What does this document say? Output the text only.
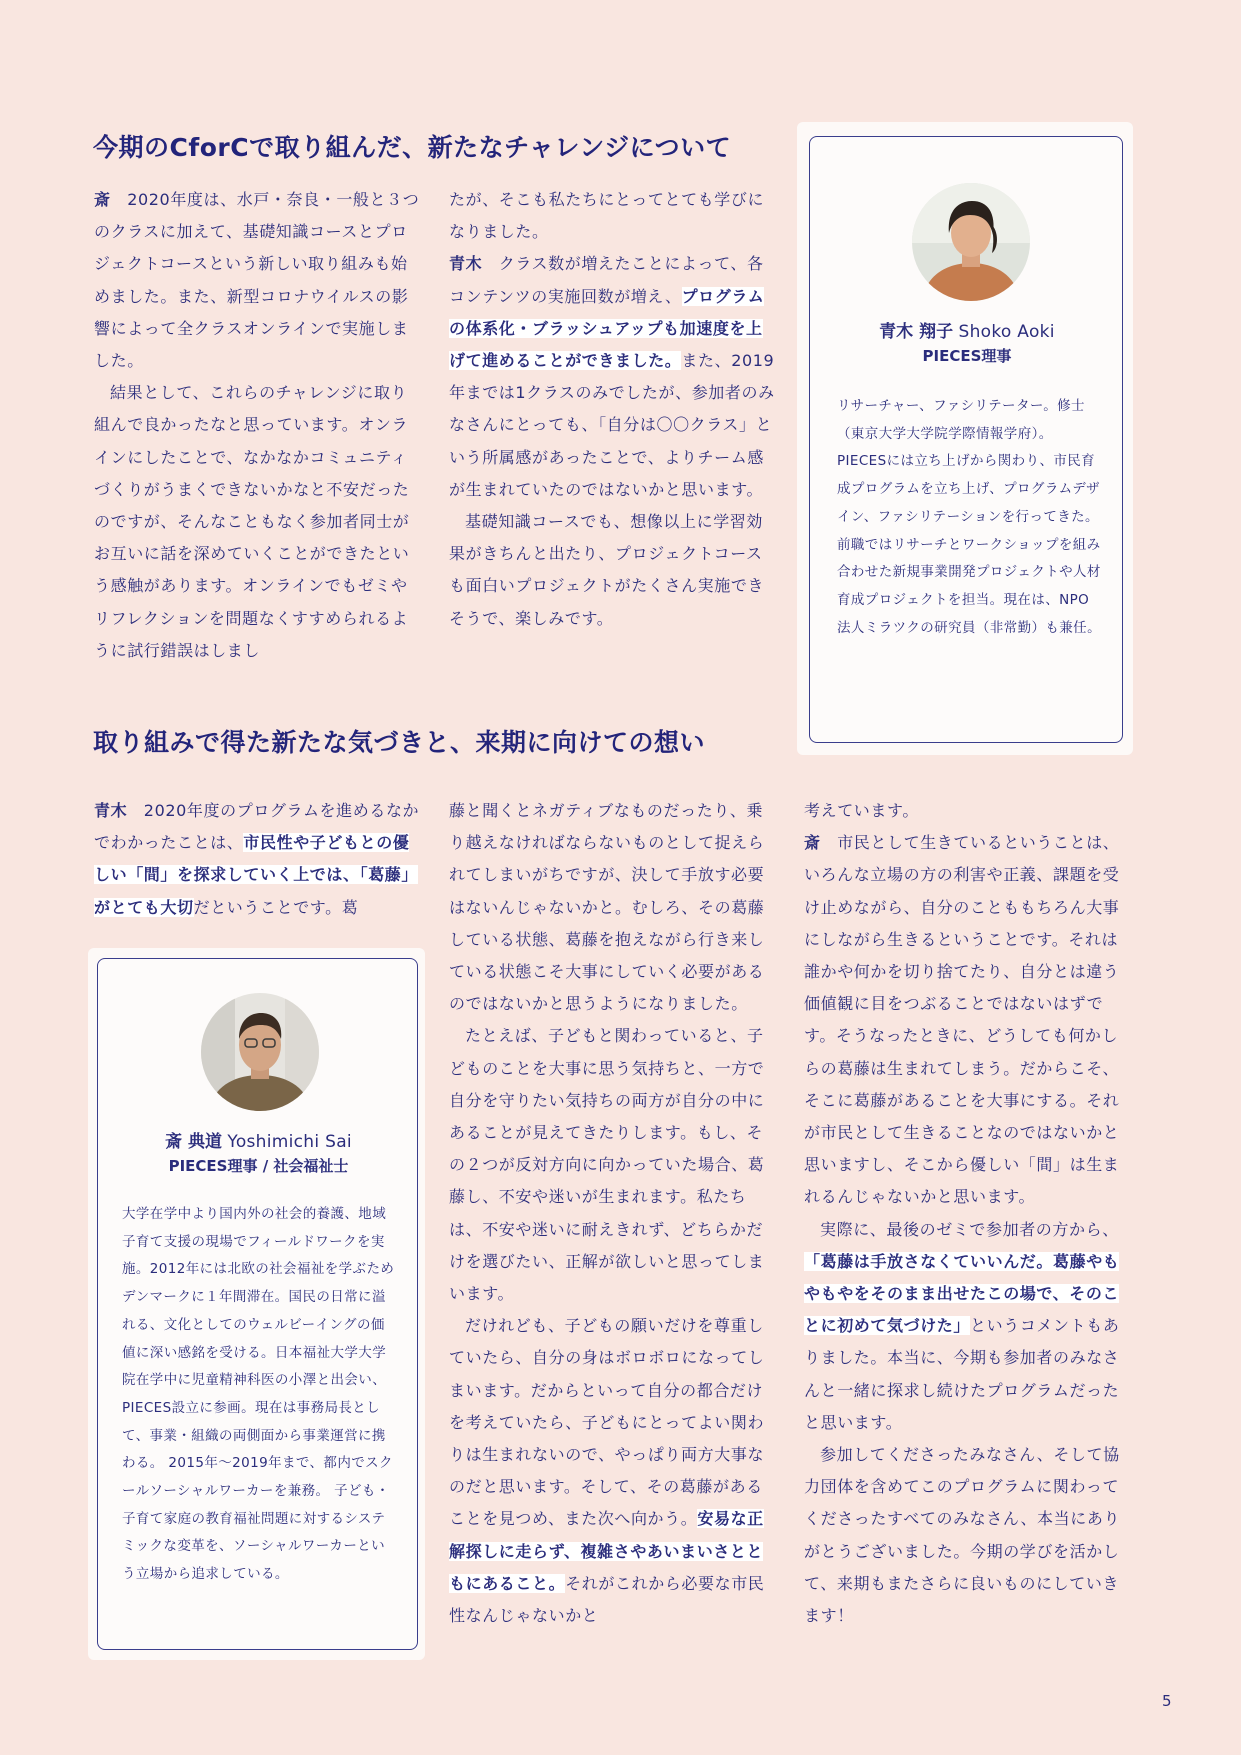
今期のCforCで取り組んだ、新たなチャレンジについて

斎　2020年度は、水戸・奈良・一般と３つのクラスに加えて、基礎知識コースとプロジェクトコースという新しい取り組みも始めました。また、新型コロナウイルスの影響によって全クラスオンラインで実施しました。

結果として、これらのチャレンジに取り組んで良かったなと思っています。オンラインにしたことで、なかなかコミュニティづくりがうまくできないかなと不安だったのですが、そんなこともなく参加者同士がお互いに話を深めていくことができたという感触があります。オンラインでもゼミやリフレクションを問題なくすすめられるように試行錯誤はしまし

たが、そこも私たちにとってとても学びになりました。

青木　クラス数が増えたことによって、各コンテンツの実施回数が増え、プログラムの体系化・ブラッシュアップも加速度を上げて進めることができました。また、2019年までは1クラスのみでしたが、参加者のみなさんにとっても、「自分は〇〇クラス」という所属感があったことで、よりチーム感が生まれていたのではないかと思います。

基礎知識コースでも、想像以上に学習効果がきちんと出たり、プロジェクトコースも面白いプロジェクトがたくさん実施できそうで、楽しみです。

青木 翔子 Shoko Aoki
PIECES理事
リサーチャー、ファシリテーター。修士（東京大学大学院学際情報学府）。PIECESには立ち上げから関わり、市民育成プログラムを立ち上げ、プログラムデザイン、ファシリテーションを行ってきた。前職ではリサーチとワークショップを組み合わせた新規事業開発プロジェクトや人材育成プロジェクトを担当。現在は、NPO法人ミラツクの研究員（非常勤）も兼任。
取り組みで得た新たな気づきと、来期に向けての想い

青木　2020年度のプログラムを進めるなかでわかったことは、市民性や子どもとの優しい「間」を探求していく上では、「葛藤」がとても大切だということです。葛

斎 典道 Yoshimichi Sai
PIECES理事 / 社会福祉士
大学在学中より国内外の社会的養護、地域子育て支援の現場でフィールドワークを実施。2012年には北欧の社会福祉を学ぶためデンマークに１年間滞在。国民の日常に溢れる、文化としてのウェルビーイングの価値に深い感銘を受ける。日本福祉大学大学院在学中に児童精神科医の小澤と出会い、PIECES設立に参画。現在は事務局長として、事業・組織の両側面から事業運営に携わる。 2015年～2019年まで、都内でスクールソーシャルワーカーを兼務。 子ども・子育て家庭の教育福祉問題に対するシステミックな変革を、ソーシャルワーカーという立場から追求している。

藤と聞くとネガティブなものだったり、乗り越えなければならないものとして捉えられてしまいがちですが、決して手放す必要はないんじゃないかと。むしろ、その葛藤している状態、葛藤を抱えながら行き来している状態こそ大事にしていく必要があるのではないかと思うようになりました。

たとえば、子どもと関わっていると、子どものことを大事に思う気持ちと、一方で自分を守りたい気持ちの両方が自分の中にあることが見えてきたりします。もし、その２つが反対方向に向かっていた場合、葛藤し、不安や迷いが生まれます。私たちは、不安や迷いに耐えきれず、どちらかだけを選びたい、正解が欲しいと思ってしまいます。

だけれども、子どもの願いだけを尊重していたら、自分の身はボロボロになってしまいます。だからといって自分の都合だけを考えていたら、子どもにとってよい関わりは生まれないので、やっぱり両方大事なのだと思います。そして、その葛藤があることを見つめ、また次へ向かう。安易な正解探しに走らず、複雑さやあいまいさとともにあること。それがこれから必要な市民性なんじゃないかと

考えています。

斎　市民として生きているということは、いろんな立場の方の利害や正義、課題を受け止めながら、自分のことももちろん大事にしながら生きるということです。それは誰かや何かを切り捨てたり、自分とは違う価値観に目をつぶることではないはずです。そうなったときに、どうしても何かしらの葛藤は生まれてしまう。だからこそ、そこに葛藤があることを大事にする。それが市民として生きることなのではないかと思いますし、そこから優しい「間」は生まれるんじゃないかと思います。

実際に、最後のゼミで参加者の方から、「葛藤は手放さなくていいんだ。葛藤やもやもやをそのまま出せたこの場で、そのことに初めて気づけた」というコメントもありました。本当に、今期も参加者のみなさんと一緒に探求し続けたプログラムだったと思います。

参加してくださったみなさん、そして協力団体を含めてこのプログラムに関わってくださったすべてのみなさん、本当にありがとうございました。今期の学びを活かして、来期もまたさらに良いものにしていきます！

5
